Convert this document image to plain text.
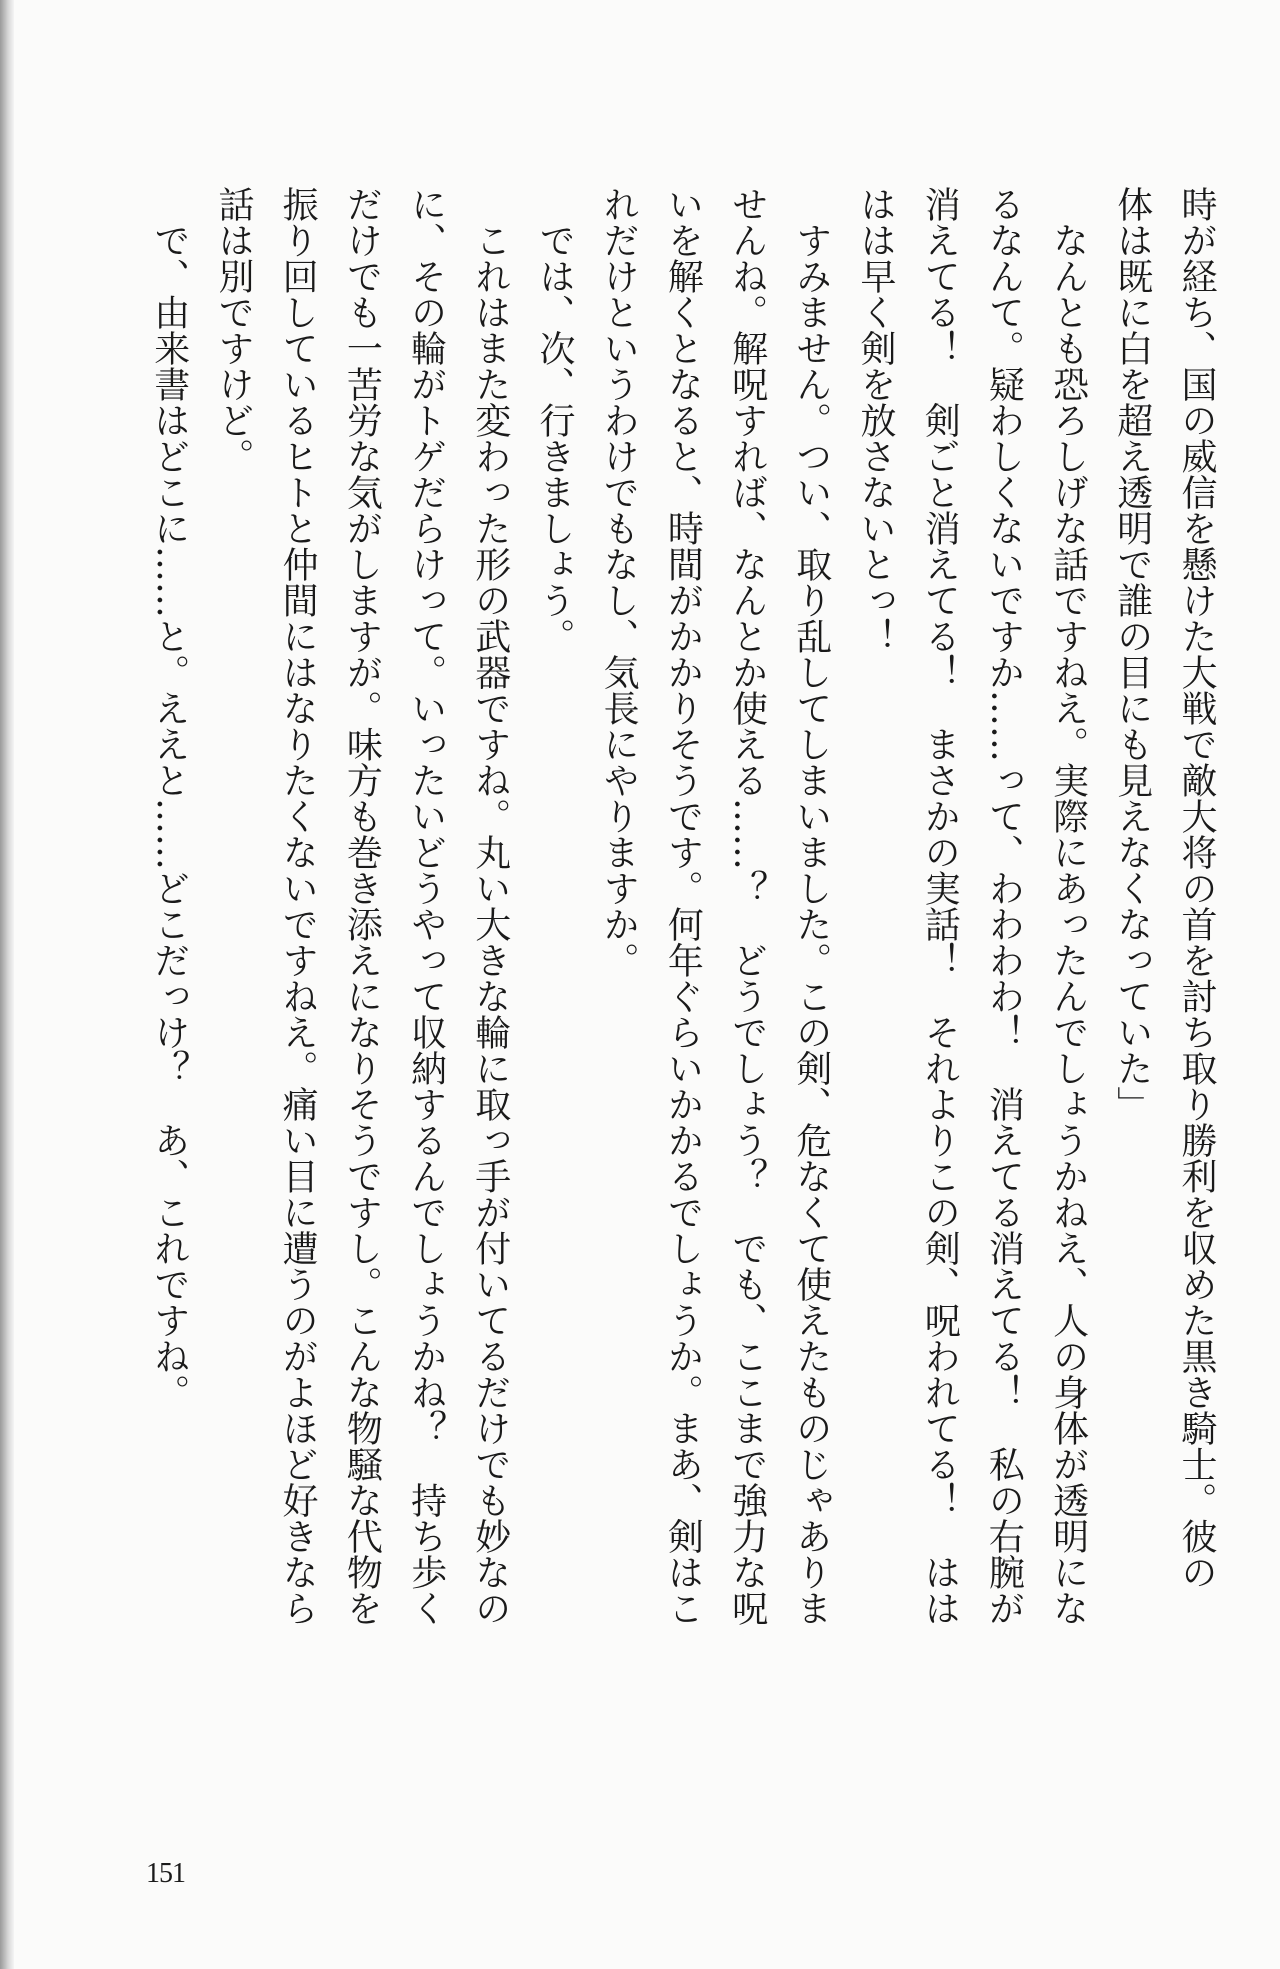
時が経ち、国の威信を懸けた大戦で敵大将の首を討ち取り勝利を収めた黒き騎士。彼の
体は既に白を超え透明で誰の目にも見えなくなっていた」
　なんとも恐ろしげな話ですねえ。実際にあったんでしょうかねえ、人の身体が透明にな
るなんて。疑わしくないですか……って、わわわわ！　消えてる消えてる！　私の右腕が
消えてる！　剣ごと消えてる！　まさかの実話！　それよりこの剣、呪われてる！　はは
はは早く剣を放さないとっ！
　すみません。つい、取り乱してしまいました。この剣、危なくて使えたものじゃありま
せんね。解呪すれば、なんとか使える……？　どうでしょう？　でも、ここまで強力な呪
いを解くとなると、時間がかかりそうです。何年ぐらいかかるでしょうか。まあ、剣はこ
れだけというわけでもなし、気長にやりますか。
　では、次、行きましょう。
　これはまた変わった形の武器ですね。丸い大きな輪に取っ手が付いてるだけでも妙なの
に、その輪がトゲだらけって。いったいどうやって収納するんでしょうかね？　持ち歩く
だけでも一苦労な気がしますが。味方も巻き添えになりそうですし。こんな物騒な代物を
振り回しているヒトと仲間にはなりたくないですねえ。痛い目に遭うのがよほど好きなら
話は別ですけど。
　で、由来書はどこに……と。ええと……どこだっけ？　あ、これですね。
151
